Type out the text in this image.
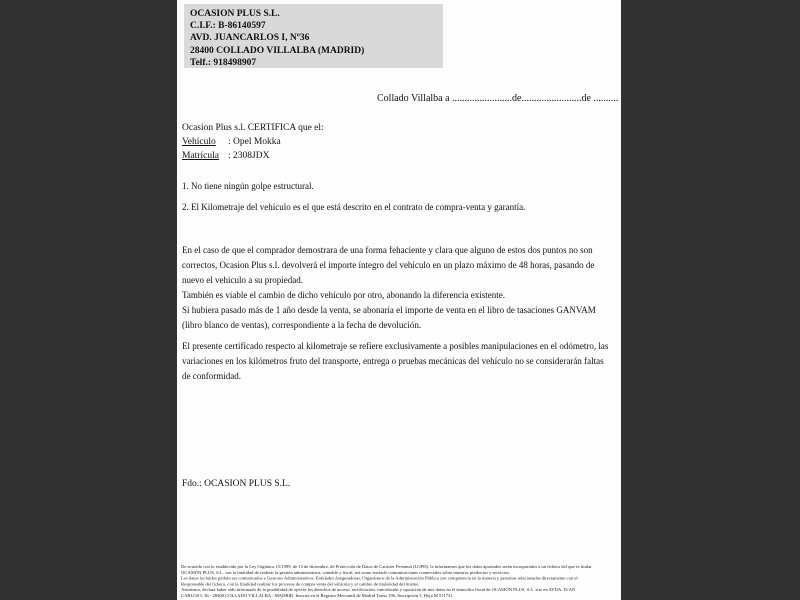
OCASION PLUS S.L.
C.I.F.: B-86140597
AVD. JUANCARLOS I, Nº36
28400 COLLADO VILLALBA (MADRID)
Telf.: 918498907
Collado Villalba a ........................de........................de ..........
Ocasion Plus s.l. CERTIFICA que el:
Vehículo : Opel Mokka
Matrícula : 2308JDX
1. No tiene ningún golpe estructural.
2. El Kilometraje del vehículo es el que está descrito en el contrato de compra-venta y garantía.
En el caso de que el comprador demostrara de una forma fehaciente y clara que alguno de estos dos puntos no son correctos, Ocasion Plus s.l. devolverá el importe íntegro del vehículo en un plazo máximo de 48 horas, pasando de nuevo el vehículo a su propiedad.
También es viable el cambio de dicho vehículo por otro, abonando la diferencia existente.
Si hubiera pasado más de 1 año desde la venta, se abonaría el importe de venta en el libro de tasaciones GANVAM (libro blanco de ventas), correspondiente a la fecha de devolución.
El presente certificado respecto al kilometraje se refiere exclusivamente a posibles manipulaciones en el odómetro, las variaciones en los kilómetros fruto del transporte, entrega o pruebas mecánicas del vehículo no se considerarán faltas de conformidad.
Fdo.: OCASION PLUS S.L.
De acuerdo con lo establecido por la Ley Orgánica 15/1999, de 13 de diciembre, de Protección de Datos de Carácter Personal (LOPD), le informamos que los datos aportados serán incorporados a un fichero del que es titular
OCASIÓN PLUS, S.L. con la finalidad de realizar la gestión administrativa, contable y fiscal, así como enviarle comunicaciones comerciales sobre nuestros productos y servicios.
Los datos incluidos podrán ser comunicados a Gestores Administrativos, Entidades Aseguradoras, Organismos de la Administración Pública con competencia en la materia y personas relacionadas directamente con el
Responsable del fichero, con la finalidad realizar los procesos de compra venta del vehículo y el cambio de titularidad del mismo.
Asimismo, declara haber sido informado de la posibilidad de ejercer los derechos de acceso, rectificación, cancelación y oposición de mis datos en el domicilio fiscal de OCASIÓN PLUS, S.L. sito en AVDA. JUAN
CARLOS I, 36 - 28400 COLLADO VILLALBA - MADRID. Inscrita en el Registro Mercantil de Madrid Tomo 196, Inscripción 1, Hoja M 511731
